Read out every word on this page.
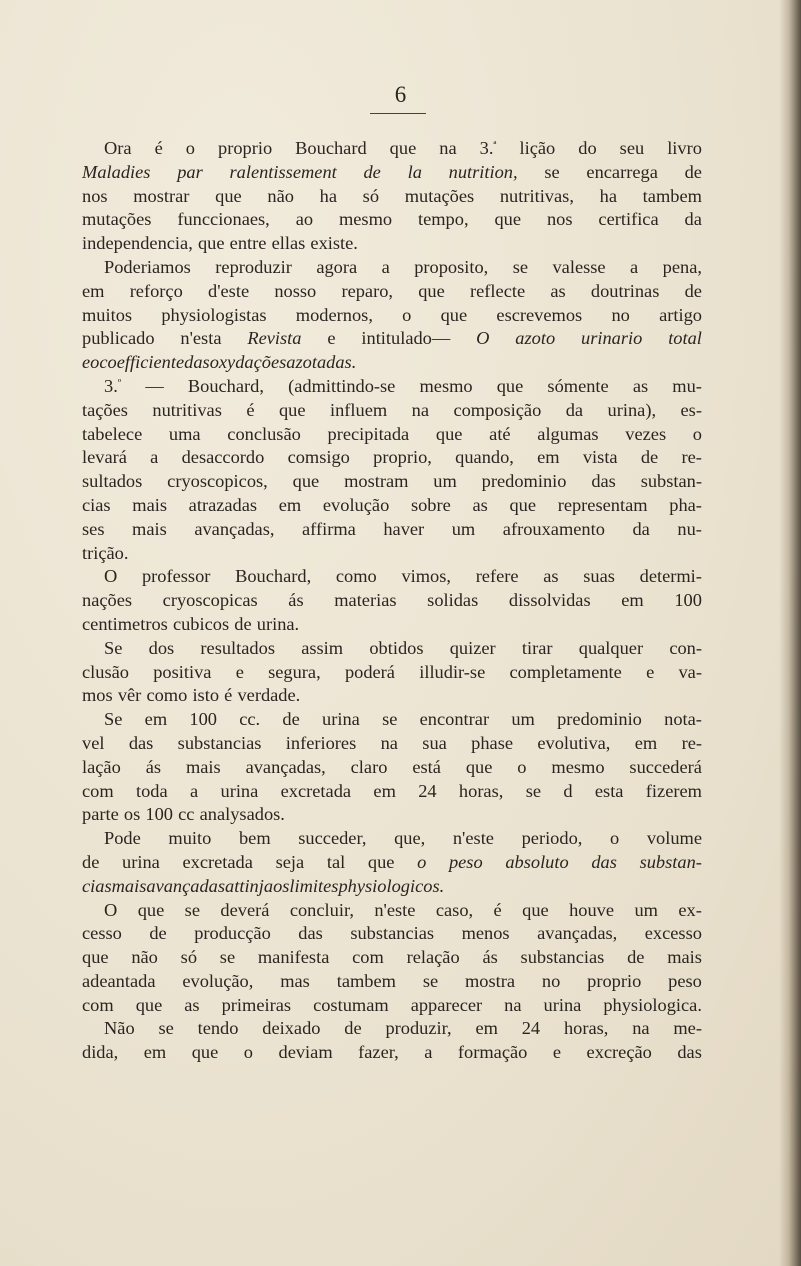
6
Ora é o proprio Bouchard que na 3.$^ª$ lição do seu livro
Maladies par ralentissement de la nutrition, se encarrega de
nos mostrar que não ha só mutações nutritivas, ha tambem
mutações funccionaes, ao mesmo tempo, que nos certifica da
independencia, que entre ellas existe.
Poderiamos reproduzir agora a proposito, se valesse a pena,
em reforço d'este nosso reparo, que reflecte as doutrinas de
muitos physiologistas modernos, o que escrevemos no artigo
publicado n'esta Revista e intitulado— O azoto urinario total
e o coefficiente das oxydações azotadas.
3.$^º$ — Bouchard, (admittindo-se mesmo que sómente as mu-
tações nutritivas é que influem na composição da urina), es-
tabelece uma conclusão precipitada que até algumas vezes o
levará a desaccordo comsigo proprio, quando, em vista de re-
sultados cryoscopicos, que mostram um predominio das substan-
cias mais atrazadas em evolução sobre as que representam pha-
ses mais avançadas, affirma haver um afrouxamento da nu-
trição.
O professor Bouchard, como vimos, refere as suas determi-
nações cryoscopicas ás materias solidas dissolvidas em 100
centimetros cubicos de urina.
Se dos resultados assim obtidos quizer tirar qualquer con-
clusão positiva e segura, poderá illudir-se completamente e va-
mos vêr como isto é verdade.
Se em 100 cc. de urina se encontrar um predominio nota-
vel das substancias inferiores na sua phase evolutiva, em re-
lação ás mais avançadas, claro está que o mesmo succederá
com toda a urina excretada em 24 horas, se d esta fizerem
parte os 100 cc analysados.
Pode muito bem succeder, que, n'este periodo, o volume
de urina excretada seja tal que o peso absoluto das substan-
cias mais avançadas attinja os limites physiologicos.
O que se deverá concluir, n'este caso, é que houve um ex-
cesso de producção das substancias menos avançadas, excesso
que não só se manifesta com relação ás substancias de mais
adeantada evolução, mas tambem se mostra no proprio peso
com que as primeiras costumam apparecer na urina physiologica.
Não se tendo deixado de produzir, em 24 horas, na me-
dida, em que o deviam fazer, a formação e excreção das
